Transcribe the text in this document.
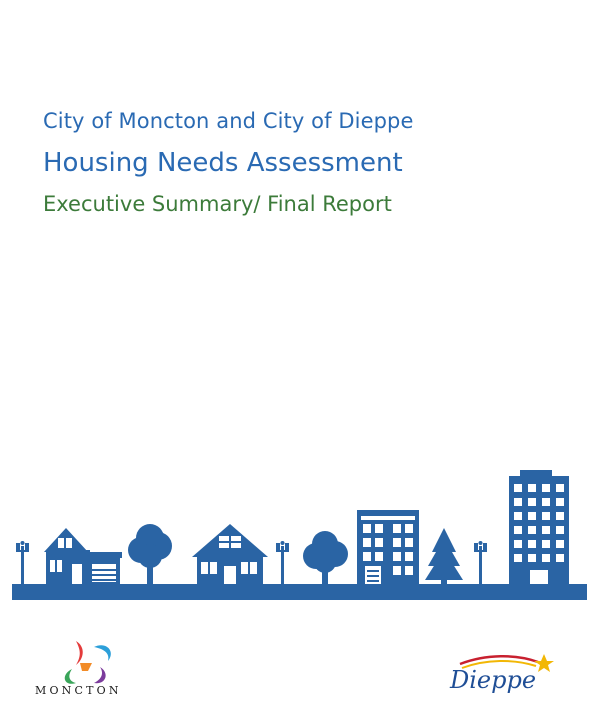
City of Moncton and City of Dieppe

Housing Needs Assessment

Executive Summary/ Final Report

MONCTON	Dieppe
